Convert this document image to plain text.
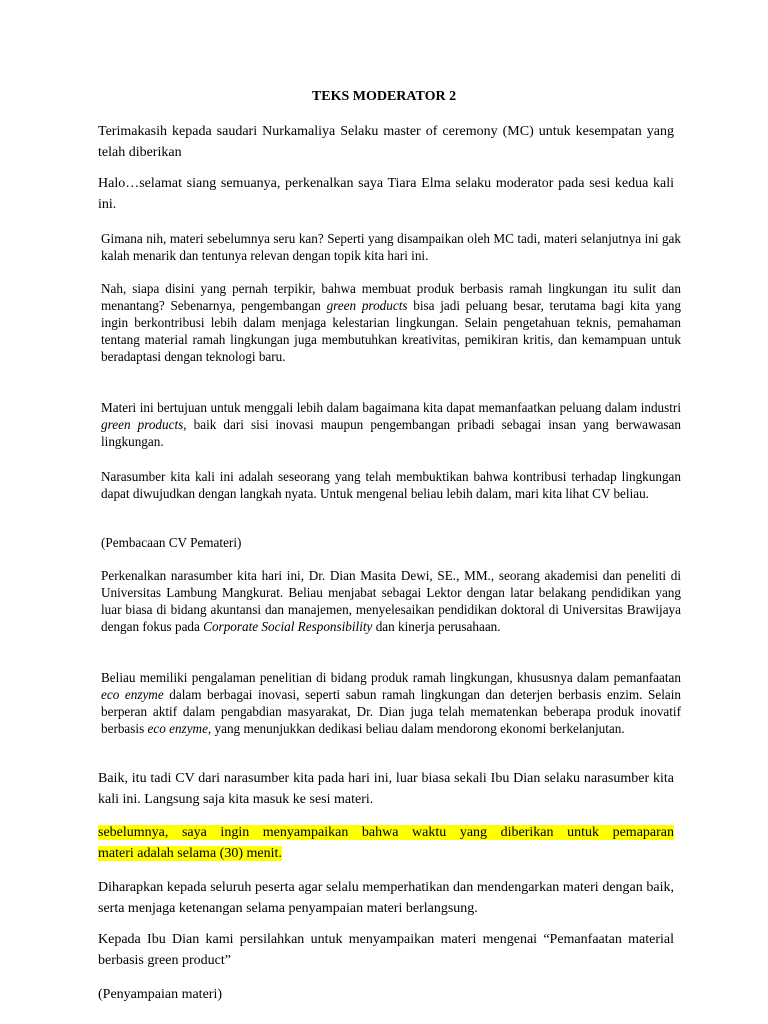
TEKS MODERATOR 2

Terimakasih kepada saudari Nurkamaliya Selaku master of ceremony (MC) untuk kesempatan yang telah diberikan

Halo…selamat siang semuanya, perkenalkan saya Tiara Elma selaku moderator pada sesi kedua kali ini.

Gimana nih, materi sebelumnya seru kan? Seperti yang disampaikan oleh MC tadi, materi selanjutnya ini gak kalah menarik dan tentunya relevan dengan topik kita hari ini.

Nah, siapa disini yang pernah terpikir, bahwa membuat produk berbasis ramah lingkungan itu sulit dan menantang? Sebenarnya, pengembangan green products bisa jadi peluang besar, terutama bagi kita yang ingin berkontribusi lebih dalam menjaga kelestarian lingkungan. Selain pengetahuan teknis, pemahaman tentang material ramah lingkungan juga membutuhkan kreativitas, pemikiran kritis, dan kemampuan untuk beradaptasi dengan teknologi baru.

Materi ini bertujuan untuk menggali lebih dalam bagaimana kita dapat memanfaatkan peluang dalam industri green products, baik dari sisi inovasi maupun pengembangan pribadi sebagai insan yang berwawasan lingkungan.

Narasumber kita kali ini adalah seseorang yang telah membuktikan bahwa kontribusi terhadap lingkungan dapat diwujudkan dengan langkah nyata. Untuk mengenal beliau lebih dalam, mari kita lihat CV beliau.

(Pembacaan CV Pemateri)

Perkenalkan narasumber kita hari ini, Dr. Dian Masita Dewi, SE., MM., seorang akademisi dan peneliti di Universitas Lambung Mangkurat. Beliau menjabat sebagai Lektor dengan latar belakang pendidikan yang luar biasa di bidang akuntansi dan manajemen, menyelesaikan pendidikan doktoral di Universitas Brawijaya dengan fokus pada Corporate Social Responsibility dan kinerja perusahaan.

Beliau memiliki pengalaman penelitian di bidang produk ramah lingkungan, khususnya dalam pemanfaatan eco enzyme dalam berbagai inovasi, seperti sabun ramah lingkungan dan deterjen berbasis enzim. Selain berperan aktif dalam pengabdian masyarakat, Dr. Dian juga telah mematenkan beberapa produk inovatif berbasis eco enzyme, yang menunjukkan dedikasi beliau dalam mendorong ekonomi berkelanjutan.

Baik, itu tadi CV dari narasumber kita pada hari ini, luar biasa sekali Ibu Dian selaku narasumber kita kali ini. Langsung saja kita masuk ke sesi materi.

sebelumnya, saya ingin menyampaikan bahwa waktu yang diberikan untuk pemaparan
materi adalah selama (30) menit.

Diharapkan kepada seluruh peserta agar selalu memperhatikan dan mendengarkan materi dengan baik, serta menjaga ketenangan selama penyampaian materi berlangsung.

Kepada Ibu Dian kami persilahkan untuk menyampaikan materi mengenai “Pemanfaatan material berbasis green product”

(Penyampaian materi)
